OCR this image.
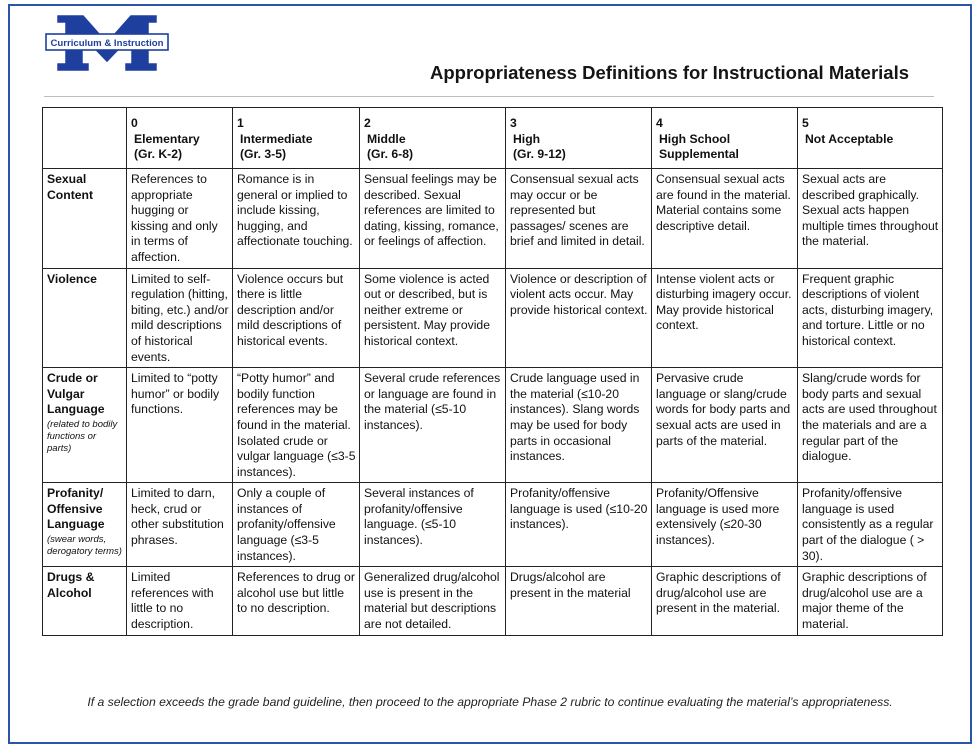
Curriculum & Instruction
Appropriateness Definitions for Instructional Materials

	0
Elementary
(Gr. K-2)	1
Intermediate
(Gr. 3-5)	2
Middle
(Gr. 6-8)	3
High
(Gr. 9-12)	4
High School
Supplemental	5
Not Acceptable

Sexual Content	References to appropriate hugging or kissing and only in terms of affection.	Romance is in general or implied to include kissing, hugging, and affectionate touching.	Sensual feelings may be described. Sexual references are limited to dating, kissing, romance, or feelings of affection.	Consensual sexual acts may occur or be represented but passages/ scenes are brief and limited in detail.	Consensual sexual acts are found in the material. Material contains some descriptive detail.	Sexual acts are described graphically. Sexual acts happen multiple times throughout the material.

Violence	Limited to self-regulation (hitting, biting, etc.) and/or mild descriptions of historical events.	Violence occurs but there is little description and/or mild descriptions of historical events.	Some violence is acted out or described, but is neither extreme or persistent. May provide historical context.	Violence or description of violent acts occur. May provide historical context.	Intense violent acts or disturbing imagery occur. May provide historical context.	Frequent graphic descriptions of violent acts, disturbing imagery, and torture. Little or no historical context.

Crude or Vulgar Language
(related to bodily functions or parts)	Limited to “potty humor” or bodily functions.	“Potty humor” and bodily function references may be found in the material. Isolated crude or vulgar language (≤3-5 instances).	Several crude references or language are found in the material (≤5-10 instances).	Crude language used in the material (≤10-20 instances). Slang words may be used for body parts in occasional instances.	Pervasive crude language or slang/crude words for body parts and sexual acts are used in parts of the material.	Slang/crude words for body parts and sexual acts are used throughout the materials and are a regular part of the dialogue.

Profanity/ Offensive Language
(swear words, derogatory terms)	Limited to darn, heck, crud or other substitution phrases.	Only a couple of instances of profanity/offensive language (≤3-5 instances).	Several instances of profanity/offensive language. (≤5-10 instances).	Profanity/offensive language is used (≤10-20 instances).	Profanity/Offensive language is used more extensively (≤20-30 instances).	Profanity/offensive language is used consistently as a regular part of the dialogue ( > 30).

Drugs & Alcohol	Limited references with little to no description.	References to drug or alcohol use but little to no description.	Generalized drug/alcohol use is present in the material but descriptions are not detailed.	Drugs/alcohol are present in the material	Graphic descriptions of drug/alcohol use are present in the material.	Graphic descriptions of drug/alcohol use are a major theme of the material.
If a selection exceeds the grade band guideline, then proceed to the appropriate Phase 2 rubric to continue evaluating the material’s appropriateness.
